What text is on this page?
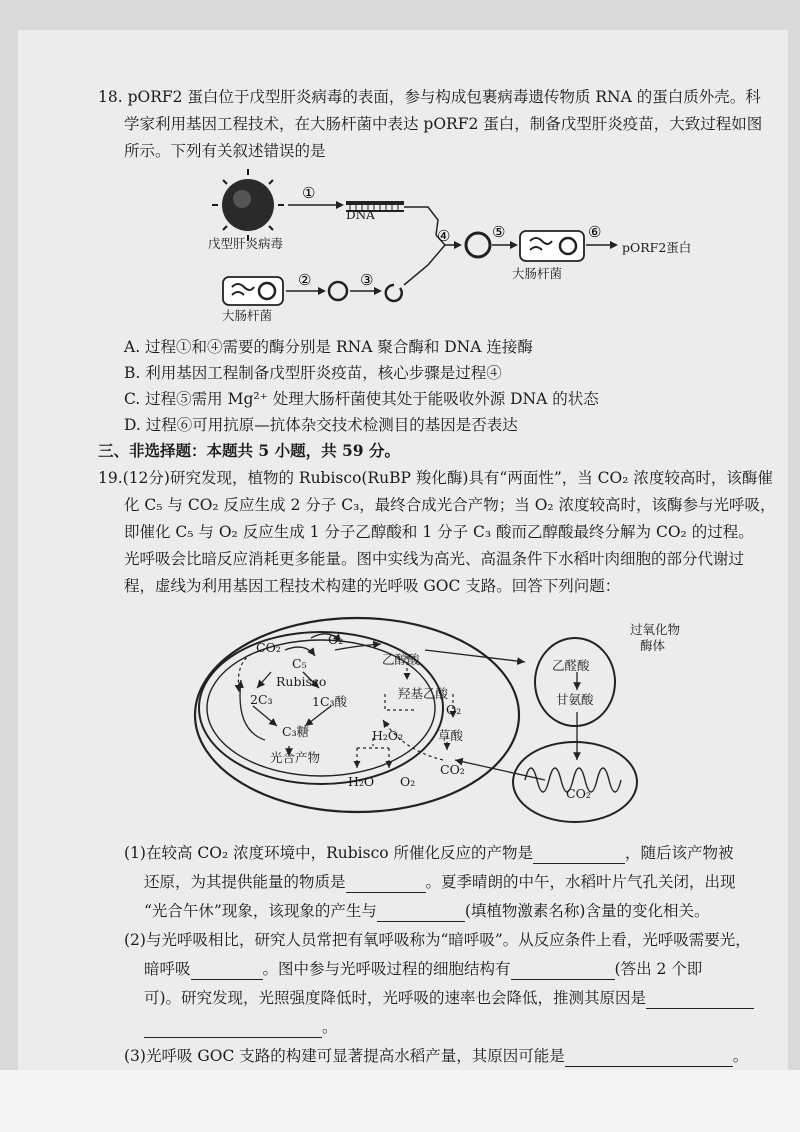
18. pORF2 蛋白位于戊型肝炎病毒的表面，参与构成包裹病毒遗传物质 RNA 的蛋白质外壳。科
学家利用基因工程技术，在大肠杆菌中表达 pORF2 蛋白，制备戊型肝炎疫苗，大致过程如图
所示。下列有关叙述错误的是
①
②	③
④	⑤	⑥
DNA
戊型肝炎病毒
大肠杆菌
大肠杆菌
pORF2蛋白
A. 过程①和④需要的酶分别是 RNA 聚合酶和 DNA 连接酶
B. 利用基因工程制备戊型肝炎疫苗，核心步骤是过程④
C. 过程⑤需用 Mg²⁺ 处理大肠杆菌使其处于能吸收外源 DNA 的状态
D. 过程⑥可用抗原—抗体杂交技术检测目的基因是否表达
三、非选择题：本题共 5 小题，共 59 分。
19.(12分)研究发现，植物的 Rubisco(RuBP 羧化酶)具有“两面性”，当 CO₂ 浓度较高时，该酶催
化 C₅ 与 CO₂ 反应生成 2 分子 C₃，最终合成光合产物；当 O₂ 浓度较高时，该酶参与光呼吸，
即催化 C₅ 与 O₂ 反应生成 1 分子乙醇酸和 1 分子 C₃ 酸而乙醇酸最终分解为 CO₂ 的过程。
光呼吸会比暗反应消耗更多能量。图中实线为高光、高温条件下水稻叶肉细胞的部分代谢过
程，虚线为利用基因工程技术构建的光呼吸 GOC 支路。回答下列问题：
过氧化物
酶体
CO₂
O₂
C₅
Rubisco
2C₃	1C₃酸
C₃糖
光合产物
乙醇酸
羟基乙酸
O₂
H₂O₂	草酸
H₂O O₂
CO₂
乙醛酸
甘氨酸
CO₂
(1)在较高 CO₂ 浓度环境中，Rubisco 所催化反应的产物是	，随后该产物被
还原，为其提供能量的物质是	。夏季晴朗的中午，水稻叶片气孔关闭，出现
“光合午休”现象，该现象的产生与	(填植物激素名称)含量的变化相关。
(2)与光呼吸相比，研究人员常把有氧呼吸称为“暗呼吸”。从反应条件上看，光呼吸需要光，
暗呼吸	。图中参与光呼吸过程的细胞结构有	(答出 2 个即
可)。研究发现，光照强度降低时，光呼吸的速率也会降低，推测其原因是
。
(3)光呼吸 GOC 支路的构建可显著提高水稻产量，其原因可能是	。
